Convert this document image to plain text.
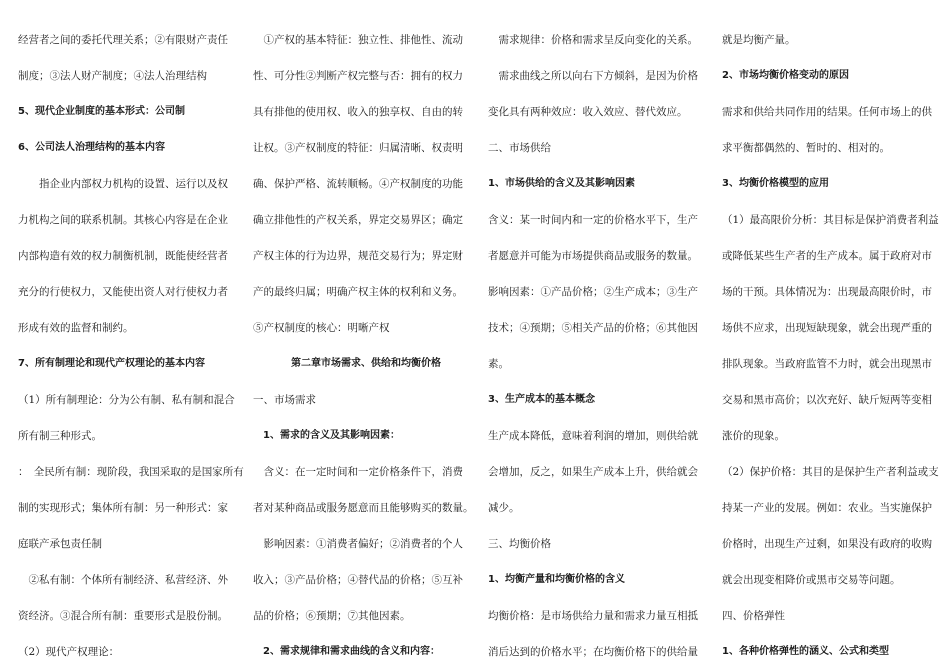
经营者之间的委托代理关系；②有限财产责任

制度；③法人财产制度；④法人治理结构

5、现代企业制度的基本形式：公司制

6、公司法人治理结构的基本内容

　　指企业内部权力机构的设置、运行以及权

力机构之间的联系机制。其核心内容是在企业

内部构造有效的权力制衡机制，既能使经营者

充分的行使权力，又能使出资人对行使权力者

形成有效的监督和制约。

7、所有制理论和现代产权理论的基本内容

（1）所有制理论：分为公有制、私有制和混合

所有制三种形式。

：　全民所有制：现阶段，我国采取的是国家所有

制的实现形式；集体所有制：另一种形式：家

庭联产承包责任制

　②私有制：个体所有制经济、私营经济、外

资经济。③混合所有制：重要形式是股份制。

（2）现代产权理论：

　①产权的基本特征：独立性、排他性、流动

性、可分性②判断产权完整与否：拥有的权力

具有排他的使用权、收入的独享权、自由的转

让权。③产权制度的特征：归属清晰、权责明

确、保护严格、流转顺畅。④产权制度的功能

确立排他性的产权关系，界定交易界区；确定

产权主体的行为边界，规范交易行为；界定财

产的最终归属；明确产权主体的权利和义务。

⑤产权制度的核心：明晰产权

第二章市场需求、供给和均衡价格

一、市场需求

　1、需求的含义及其影响因素：

　含义：在一定时间和一定价格条件下，消费

者对某种商品或服务愿意而且能够购买的数量。

　影响因素：①消费者偏好；②消费者的个人

收入；③产品价格；④替代品的价格；⑤互补

品的价格；⑥预期；⑦其他因素。

　2、需求规律和需求曲线的含义和内容：

　需求规律：价格和需求呈反向变化的关系。

　需求曲线之所以向右下方倾斜，是因为价格

变化具有两种效应：收入效应、替代效应。

二、市场供给

1、市场供给的含义及其影响因素

含义：某一时间内和一定的价格水平下，生产

者愿意并可能为市场提供商品或服务的数量。

影响因素：①产品价格；②生产成本；③生产

技术；④预期；⑤相关产品的价格；⑥其他因

素。

3、生产成本的基本概念

生产成本降低，意味着利润的增加，则供给就

会增加，反之，如果生产成本上升，供给就会

减少。

三、均衡价格

1、均衡产量和均衡价格的含义

均衡价格：是市场供给力量和需求力量互相抵

消后达到的价格水平；在均衡价格下的供给量

就是均衡产量。

2、市场均衡价格变动的原因

需求和供给共同作用的结果。任何市场上的供

求平衡都偶然的、暂时的、相对的。

3、均衡价格模型的应用

（1）最高限价分析：其目标是保护消费者利益

或降低某些生产者的生产成本。属于政府对市

场的干预。具体情况为：出现最高限价时，市

场供不应求，出现短缺现象，就会出现严重的

排队现象。当政府监管不力时，就会出现黑市

交易和黑市高价；以次充好、缺斤短两等变相

涨价的现象。

（2）保护价格：其目的是保护生产者利益或支

持某一产业的发展。例如：农业。当实施保护

价格时，出现生产过剩，如果没有政府的收购

就会出现变相降价或黑市交易等问题。

四、价格弹性

1、各种价格弹性的涵义、公式和类型
